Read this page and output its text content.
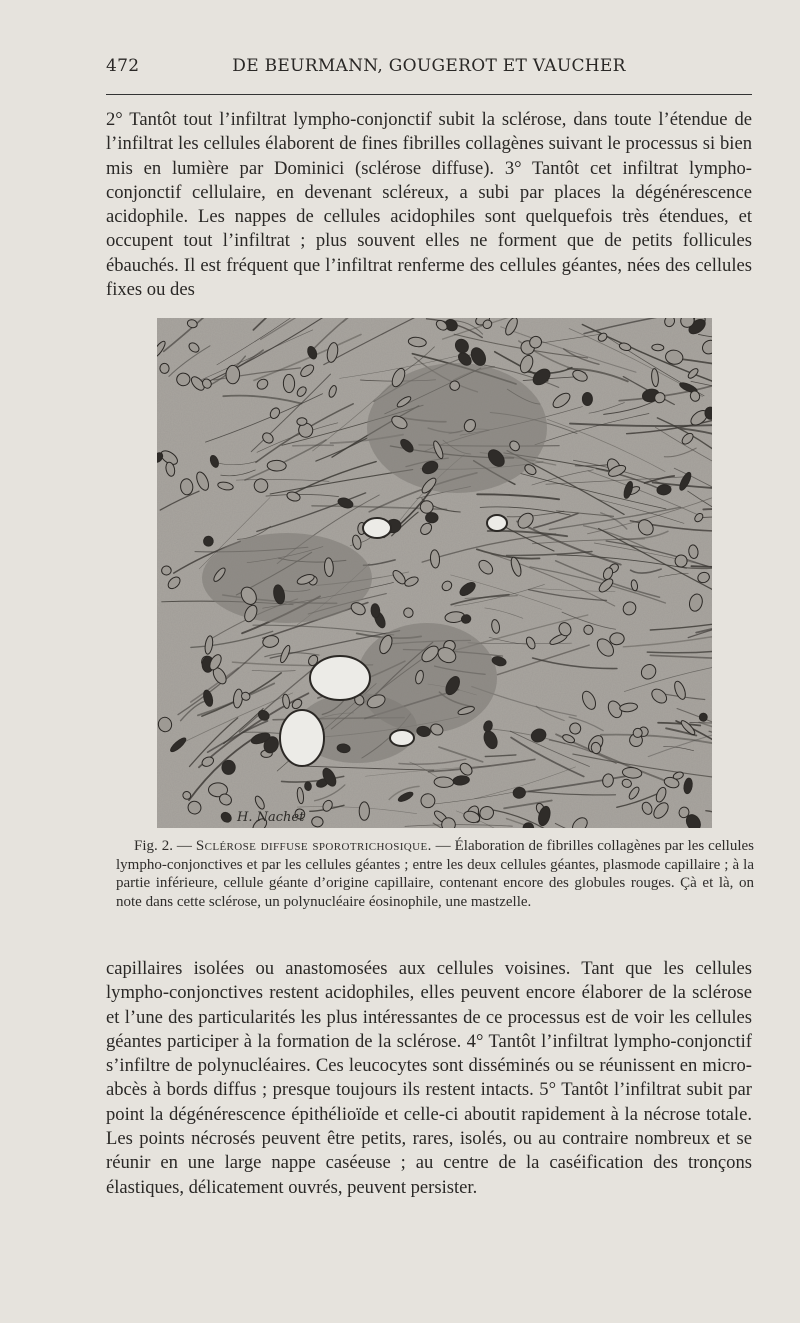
472	DE BEURMANN, GOUGEROT ET VAUCHER

2° Tantôt tout l’infiltrat lympho-conjonctif subit la sclérose, dans toute l’étendue de l’infiltrat les cellules élaborent de fines fibrilles collagènes suivant le processus si bien mis en lumière par Dominici (sclérose diffuse). 3° Tantôt cet infiltrat lympho-conjonctif cellulaire, en devenant scléreux, a subi par places la dégénérescence acidophile. Les nappes de cellules acidophiles sont quelquefois très étendues, et occupent tout l’infiltrat ; plus souvent elles ne forment que de petits follicules ébauchés. Il est fréquent que l’infiltrat renferme des cellules géantes, nées des cellules fixes ou des

H. Nachet

Fig. 2. — Sclérose diffuse sporotrichosique. — Élaboration de fibrilles collagènes par les cellules lympho-conjonctives et par les cellules géantes ; entre les deux cellules géantes, plasmode capillaire ; à la partie inférieure, cellule géante d’origine capillaire, contenant encore des globules rouges. Çà et là, on note dans cette sclérose, un polynucléaire éosinophile, une mastzelle.

capillaires isolées ou anastomosées aux cellules voisines. Tant que les cellules lympho-conjonctives restent acidophiles, elles peuvent encore élaborer de la sclérose et l’une des particularités les plus intéressantes de ce processus est de voir les cellules géantes participer à la formation de la sclérose. 4° Tantôt l’infiltrat lympho-conjonctif s’infiltre de polynucléaires. Ces leucocytes sont disséminés ou se réunissent en micro-abcès à bords diffus ; presque toujours ils restent intacts. 5° Tantôt l’infiltrat subit par point la dégénérescence épithélioïde et celle-ci aboutit rapidement à la nécrose totale. Les points nécrosés peuvent être petits, rares, isolés, ou au contraire nombreux et se réunir en une large nappe caséeuse ; au centre de la caséification des tronçons élastiques, délicatement ouvrés, peuvent persister.
